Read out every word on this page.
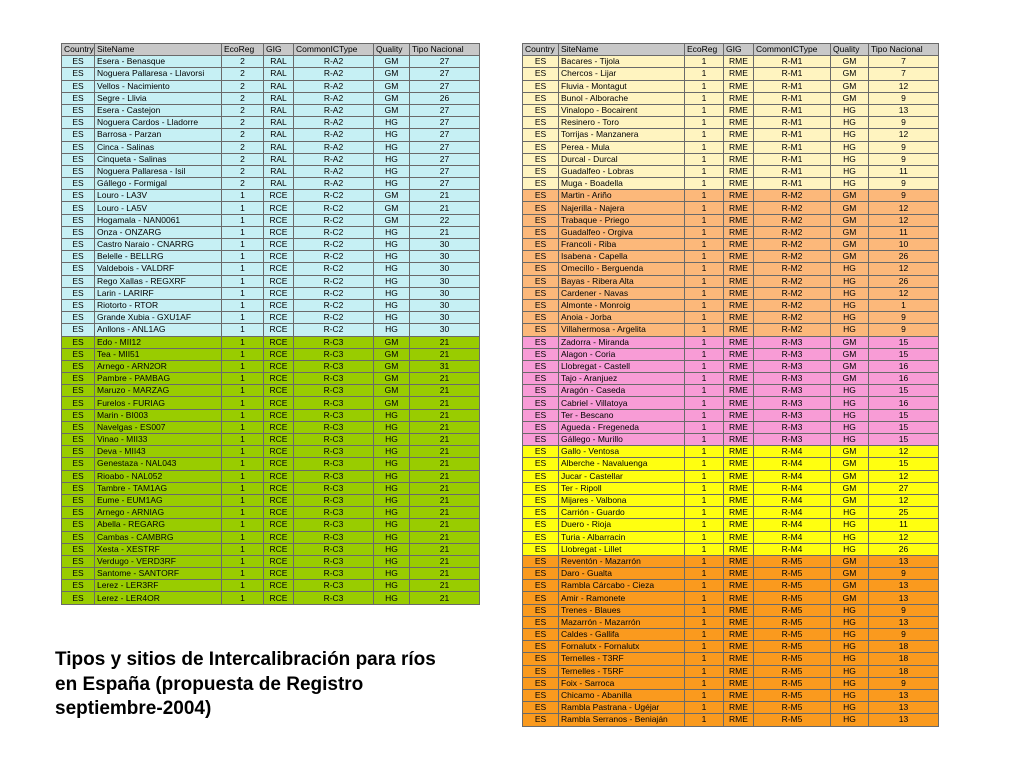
Country	SiteName	EcoReg	GIG	CommonICType	Quality	Tipo Nacional
ES	Esera - Benasque	2	RAL	R-A2	GM	27
ES	Noguera Pallaresa - Llavorsi	2	RAL	R-A2	GM	27
ES	Vellos - Nacimiento	2	RAL	R-A2	GM	27
ES	Segre - Llivia	2	RAL	R-A2	GM	26
ES	Esera - Castejon	2	RAL	R-A2	GM	27
ES	Noguera Cardos - Lladorre	2	RAL	R-A2	HG	27
ES	Barrosa - Parzan	2	RAL	R-A2	HG	27
ES	Cinca - Salinas	2	RAL	R-A2	HG	27
ES	Cinqueta - Salinas	2	RAL	R-A2	HG	27
ES	Noguera Pallaresa - Isil	2	RAL	R-A2	HG	27
ES	Gállego - Formigal	2	RAL	R-A2	HG	27
ES	Louro - LA3V	1	RCE	R-C2	GM	21
ES	Louro - LA5V	1	RCE	R-C2	GM	21
ES	Hogamala - NAN0061	1	RCE	R-C2	GM	22
ES	Onza - ONZARG	1	RCE	R-C2	HG	21
ES	Castro Naraio - CNARRG	1	RCE	R-C2	HG	30
ES	Belelle - BELLRG	1	RCE	R-C2	HG	30
ES	Valdebois - VALDRF	1	RCE	R-C2	HG	30
ES	Rego Xallas - REGXRF	1	RCE	R-C2	HG	30
ES	Larin - LARIRF	1	RCE	R-C2	HG	30
ES	Riotorto - RTOR	1	RCE	R-C2	HG	30
ES	Grande Xubia - GXU1AF	1	RCE	R-C2	HG	30
ES	Anllons - ANL1AG	1	RCE	R-C2	HG	30
ES	Edo - MII12	1	RCE	R-C3	GM	21
ES	Tea - MII51	1	RCE	R-C3	GM	21
ES	Arnego - ARN2OR	1	RCE	R-C3	GM	31
ES	Pambre - PAMBAG	1	RCE	R-C3	GM	21
ES	Maruzo - MARZAG	1	RCE	R-C3	GM	21
ES	Furelos - FURIAG	1	RCE	R-C3	GM	21
ES	Marin - BI003	1	RCE	R-C3	HG	21
ES	Navelgas - ES007	1	RCE	R-C3	HG	21
ES	Vinao - MII33	1	RCE	R-C3	HG	21
ES	Deva - MII43	1	RCE	R-C3	HG	21
ES	Genestaza - NAL043	1	RCE	R-C3	HG	21
ES	Rioabo - NAL052	1	RCE	R-C3	HG	21
ES	Tambre - TAM1AG	1	RCE	R-C3	HG	21
ES	Eume - EUM1AG	1	RCE	R-C3	HG	21
ES	Arnego - ARNIAG	1	RCE	R-C3	HG	21
ES	Abella - REGARG	1	RCE	R-C3	HG	21
ES	Cambas - CAMBRG	1	RCE	R-C3	HG	21
ES	Xesta - XESTRF	1	RCE	R-C3	HG	21
ES	Verdugo - VERD3RF	1	RCE	R-C3	HG	21
ES	Santome - SANTORF	1	RCE	R-C3	HG	21
ES	Lerez - LER3RF	1	RCE	R-C3	HG	21
ES	Lerez - LER4OR	1	RCE	R-C3	HG	21
Country	SiteName	EcoReg	GIG	CommonICType	Quality	Tipo Nacional
ES	Bacares - Tijola	1	RME	R-M1	GM	7
ES	Chercos - Lijar	1	RME	R-M1	GM	7
ES	Fluvia - Montagut	1	RME	R-M1	GM	12
ES	Bunol - Alborache	1	RME	R-M1	GM	9
ES	Vinalopo - Bocairent	1	RME	R-M1	HG	13
ES	Resinero - Toro	1	RME	R-M1	HG	9
ES	Torrijas - Manzanera	1	RME	R-M1	HG	12
ES	Perea - Mula	1	RME	R-M1	HG	9
ES	Durcal - Durcal	1	RME	R-M1	HG	9
ES	Guadalfeo - Lobras	1	RME	R-M1	HG	11
ES	Muga - Boadella	1	RME	R-M1	HG	9
ES	Martin - Ariño	1	RME	R-M2	GM	9
ES	Najerilla - Najera	1	RME	R-M2	GM	12
ES	Trabaque - Priego	1	RME	R-M2	GM	12
ES	Guadalfeo - Orgiva	1	RME	R-M2	GM	11
ES	Francoli - Riba	1	RME	R-M2	GM	10
ES	Isabena - Capella	1	RME	R-M2	GM	26
ES	Omecillo - Berguenda	1	RME	R-M2	HG	12
ES	Bayas - Ribera Alta	1	RME	R-M2	HG	26
ES	Cardener - Navas	1	RME	R-M2	HG	12
ES	Almonte - Monroig	1	RME	R-M2	HG	1
ES	Anoia - Jorba	1	RME	R-M2	HG	9
ES	Villahermosa - Argelita	1	RME	R-M2	HG	9
ES	Zadorra - Miranda	1	RME	R-M3	GM	15
ES	Alagon - Coria	1	RME	R-M3	GM	15
ES	Llobregat - Castell	1	RME	R-M3	GM	16
ES	Tajo - Aranjuez	1	RME	R-M3	GM	16
ES	Aragón - Caseda	1	RME	R-M3	HG	15
ES	Cabriel - Villatoya	1	RME	R-M3	HG	16
ES	Ter - Bescano	1	RME	R-M3	HG	15
ES	Agueda - Fregeneda	1	RME	R-M3	HG	15
ES	Gállego - Murillo	1	RME	R-M3	HG	15
ES	Gallo - Ventosa	1	RME	R-M4	GM	12
ES	Alberche - Navaluenga	1	RME	R-M4	GM	15
ES	Jucar - Castellar	1	RME	R-M4	GM	12
ES	Ter - Ripoll	1	RME	R-M4	GM	27
ES	Mijares - Valbona	1	RME	R-M4	GM	12
ES	Carrión - Guardo	1	RME	R-M4	HG	25
ES	Duero - Rioja	1	RME	R-M4	HG	11
ES	Turia - Albarracin	1	RME	R-M4	HG	12
ES	Llobregat - Lillet	1	RME	R-M4	HG	26
ES	Reventón - Mazarrón	1	RME	R-M5	GM	13
ES	Daro - Gualta	1	RME	R-M5	GM	9
ES	Rambla Cárcabo - Cieza	1	RME	R-M5	GM	13
ES	Amir - Ramonete	1	RME	R-M5	GM	13
ES	Trenes - Blaues	1	RME	R-M5	HG	9
ES	Mazarrón - Mazarrón	1	RME	R-M5	HG	13
ES	Caldes - Gallifa	1	RME	R-M5	HG	9
ES	Fornalutx - Fornalutx	1	RME	R-M5	HG	18
ES	Ternelles - T3RF	1	RME	R-M5	HG	18
ES	Ternelles - T5RF	1	RME	R-M5	HG	18
ES	Foix - Sarroca	1	RME	R-M5	HG	9
ES	Chicamo - Abanilla	1	RME	R-M5	HG	13
ES	Rambla Pastrana - Ugéjar	1	RME	R-M5	HG	13
ES	Rambla Serranos - Beniaján	1	RME	R-M5	HG	13
Tipos y sitios de Intercalibración para ríos en España (propuesta de Registro septiembre-2004)
